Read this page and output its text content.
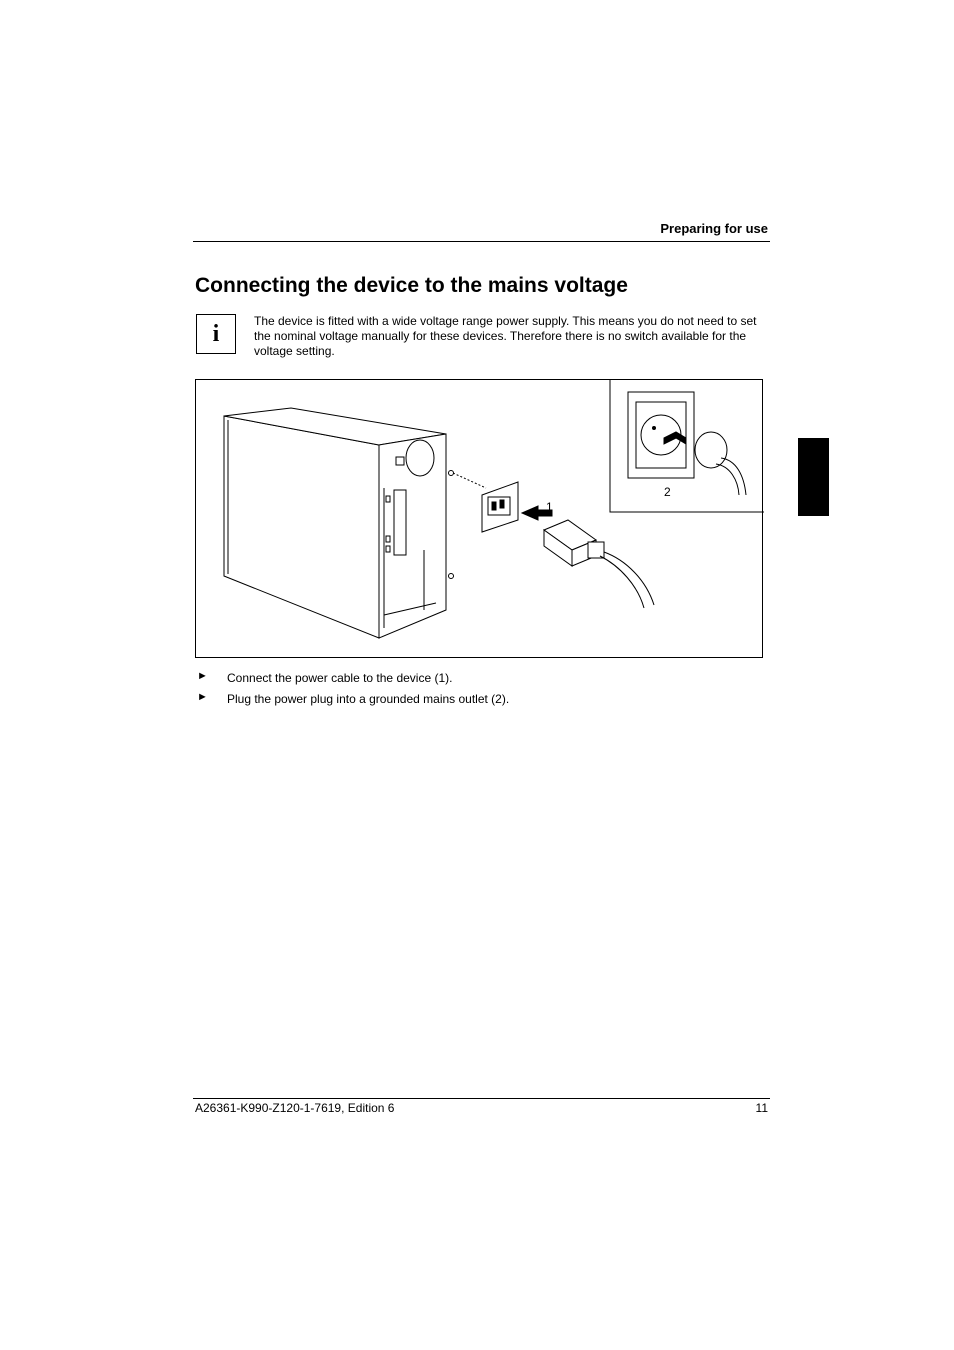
Preparing for use
Connecting the device to the mains voltage
i	The device is fitted with a wide voltage range power supply. This means you do not need to set the nominal voltage manually for these devices. Therefore there is no switch available for the voltage setting.
1
2
► Connect the power cable to the device (1).
► Plug the power plug into a grounded mains outlet (2).
A26361-K990-Z120-1-7619, Edition 6	11
